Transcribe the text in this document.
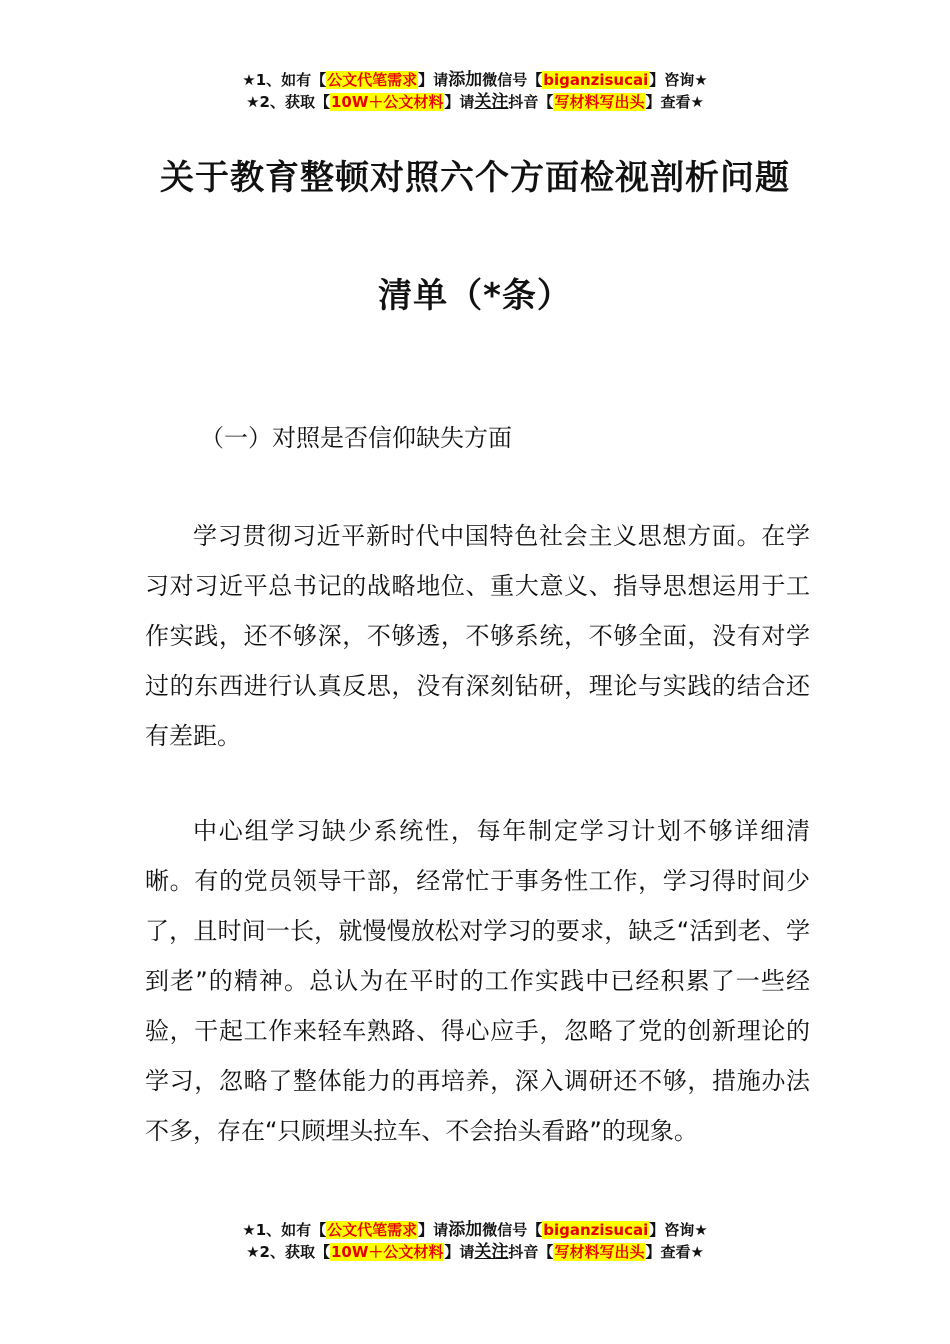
★1、如有【公文代笔需求】请添加微信号【biganzisucai】咨询★
★2、获取【10W＋公文材料】请关注抖音【写材料写出头】查看★
关于教育整顿对照六个方面检视剖析问题
清单（*条）
（一）对照是否信仰缺失方面

学习贯彻习近平新时代中国特色社会主义思想方面。在学习对习近平总书记的战略地位、重大意义、指导思想运用于工作实践，还不够深，不够透，不够系统，不够全面，没有对学过的东西进行认真反思，没有深刻钻研，理论与实践的结合还有差距。

中心组学习缺少系统性，每年制定学习计划不够详细清晰。有的党员领导干部，经常忙于事务性工作，学习得时间少了，且时间一长，就慢慢放松对学习的要求，缺乏“活到老、学到老”的精神。总认为在平时的工作实践中已经积累了一些经验，干起工作来轻车熟路、得心应手，忽略了党的创新理论的学习，忽略了整体能力的再培养，深入调研还不够，措施办法不多，存在“只顾埋头拉车、不会抬头看路”的现象。

★1、如有【公文代笔需求】请添加微信号【biganzisucai】咨询★
★2、获取【10W＋公文材料】请关注抖音【写材料写出头】查看★
